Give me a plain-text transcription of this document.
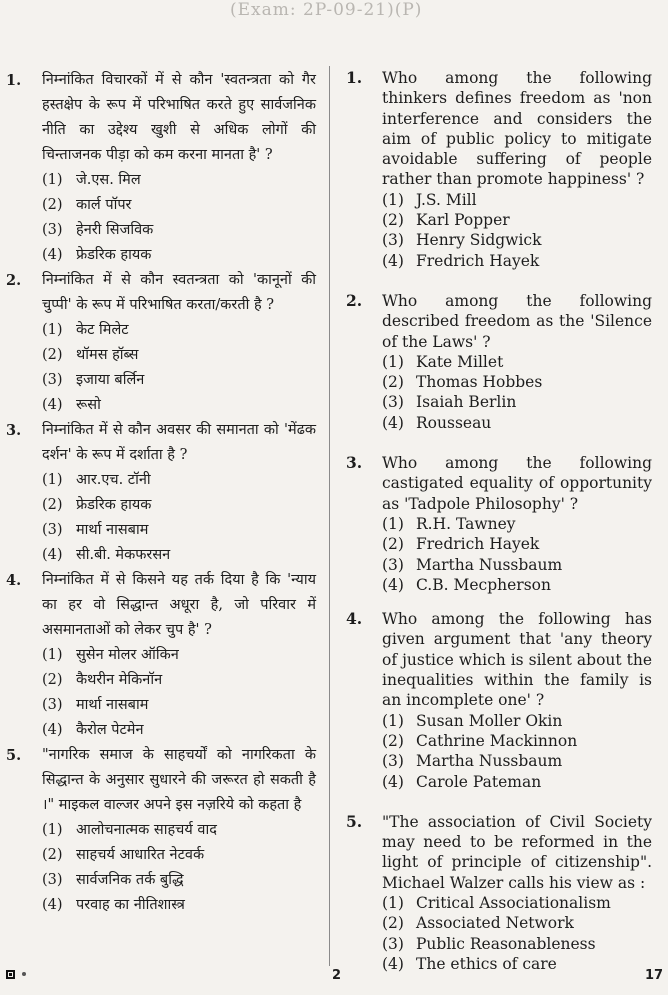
(Exam: 2P-09-21)(P)
1. निम्नांकित विचारकों में से कौन 'स्वतन्त्रता को गैर हस्तक्षेप के रूप में परिभाषित करते हुए सार्वजनिक नीति का उद्देश्य खुशी से अधिक लोगों की चिन्ताजनक पीड़ा को कम करना मानता है' ?
(1) जे.एस. मिल
(2) कार्ल पॉपर
(3) हेनरी सिजविक
(4) फ्रेडरिक हायक
2. निम्नांकित में से कौन स्वतन्त्रता को 'कानूनों की चुप्पी' के रूप में परिभाषित करता/करती है ?
(1) केट मिलेट
(2) थॉमस हॉब्स
(3) इजाया बर्लिन
(4) रूसो
3. निम्नांकित में से कौन अवसर की समानता को 'मेंढक दर्शन' के रूप में दर्शाता है ?
(1) आर.एच. टॉनी
(2) फ्रेडरिक हायक
(3) मार्था नासबाम
(4) सी.बी. मेकफरसन
4. निम्नांकित में से किसने यह तर्क दिया है कि 'न्याय का हर वो सिद्धान्त अधूरा है, जो परिवार में असमानताओं को लेकर चुप है' ?
(1) सुसेन मोलर ऑकिन
(2) कैथरीन मेकिनॉन
(3) मार्था नासबाम
(4) कैरोल पेटमेन
5. "नागरिक समाज के साहचर्यों को नागरिकता के सिद्धान्त के अनुसार सुधारने की जरूरत हो सकती है ।" माइकल वाल्जर अपने इस नज़रिये को कहता है
(1) आलोचनात्मक साहचर्य वाद
(2) साहचर्य आधारित नेटवर्क
(3) सार्वजनिक तर्क बुद्धि
(4) परवाह का नीतिशास्त्र
1. Who among the following thinkers defines freedom as 'non interference and considers the aim of public policy to mitigate avoidable suffering of people rather than promote happiness' ?
(1) J.S. Mill
(2) Karl Popper
(3) Henry Sidgwick
(4) Fredrich Hayek
2. Who among the following described freedom as the 'Silence of the Laws' ?
(1) Kate Millet
(2) Thomas Hobbes
(3) Isaiah Berlin
(4) Rousseau
3. Who among the following castigated equality of opportunity as 'Tadpole Philosophy' ?
(1) R.H. Tawney
(2) Fredrich Hayek
(3) Martha Nussbaum
(4) C.B. Mecpherson
4. Who among the following has given argument that 'any theory of justice which is silent about the inequalities within the family is an incomplete one' ?
(1) Susan Moller Okin
(2) Cathrine Mackinnon
(3) Martha Nussbaum
(4) Carole Pateman
5. "The association of Civil Society may need to be reformed in the light of principle of citizenship". Michael Walzer calls his view as :
(1) Critical Associationalism
(2) Associated Network
(3) Public Reasonableness
(4) The ethics of care
2	17
